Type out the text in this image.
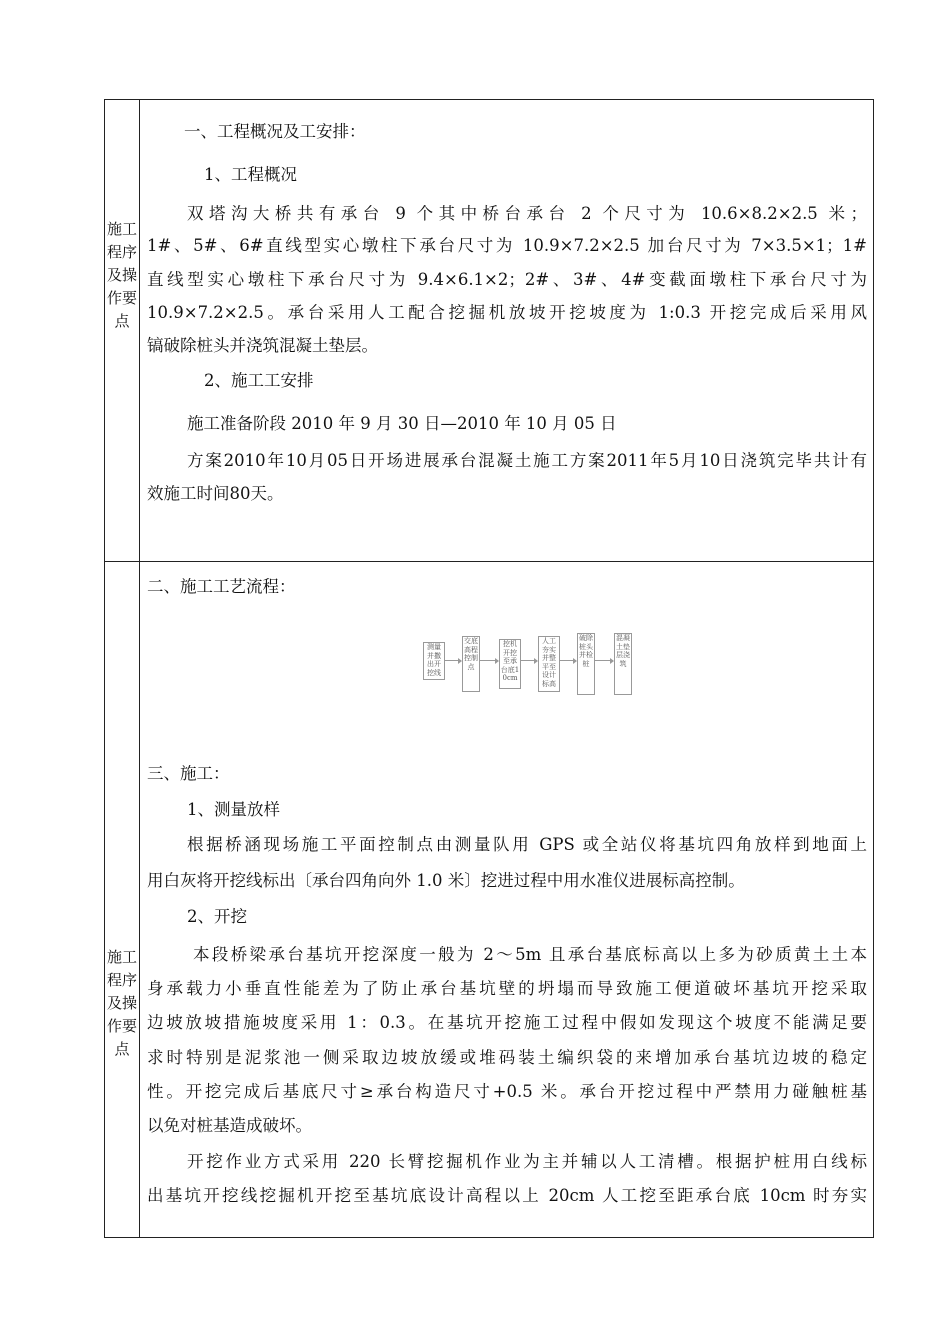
施工程序及操作要点
施工程序及操作要点
一、工程概况及工安排：
1、工程概况
双塔沟大桥共有承台 9 个其中桥台承台 2 个尺寸为 10.6×8.2×2.5 米；
1#、5#、6#直线型实心墩柱下承台尺寸为 10.9×7.2×2.5 加台尺寸为 7×3.5×1；1#
直线型实心墩柱下承台尺寸为 9.4×6.1×2；2#、3#、4#变截面墩柱下承台尺寸为
10.9×7.2×2.5。承台采用人工配合挖掘机放坡开挖坡度为 1:0.3 开挖完成后采用风
镐破除桩头并浇筑混凝土垫层。
2、施工工安排
施工准备阶段 2010 年 9 月 30 日—2010 年 10 月 05 日
方案2010年10月05日开场进展承台混凝土施工方案2011年5月10日浇筑完毕共计有
效施工时间80天。
二、施工工艺流程：
测量并撒出开挖线
交底高程控制点
挖机开挖至承台底10cm
人工夯实并整平至设计标高
破除桩头并检桩
混凝土垫层浇筑
三、施工：
1、测量放样
根据桥涵现场施工平面控制点由测量队用 GPS 或全站仪将基坑四角放样到地面上
用白灰将开挖线标出〔承台四角向外 1.0 米〕挖进过程中用水准仪进展标高控制。
2、开挖
本段桥梁承台基坑开挖深度一般为 2～5m 且承台基底标高以上多为砂质黄土土本
身承载力小垂直性能差为了防止承台基坑壁的坍塌而导致施工便道破坏基坑开挖采取
边坡放坡措施坡度采用 1：0.3。在基坑开挖施工过程中假如发现这个坡度不能满足要
求时特别是泥浆池一侧采取边坡放缓或堆码装土编织袋的来增加承台基坑边坡的稳定
性。开挖完成后基底尺寸≥承台构造尺寸+0.5 米。承台开挖过程中严禁用力碰触桩基
以免对桩基造成破坏。
开挖作业方式采用 220 长臂挖掘机作业为主并辅以人工清槽。根据护桩用白线标
出基坑开挖线挖掘机开挖至基坑底设计高程以上 20cm 人工挖至距承台底 10cm 时夯实
